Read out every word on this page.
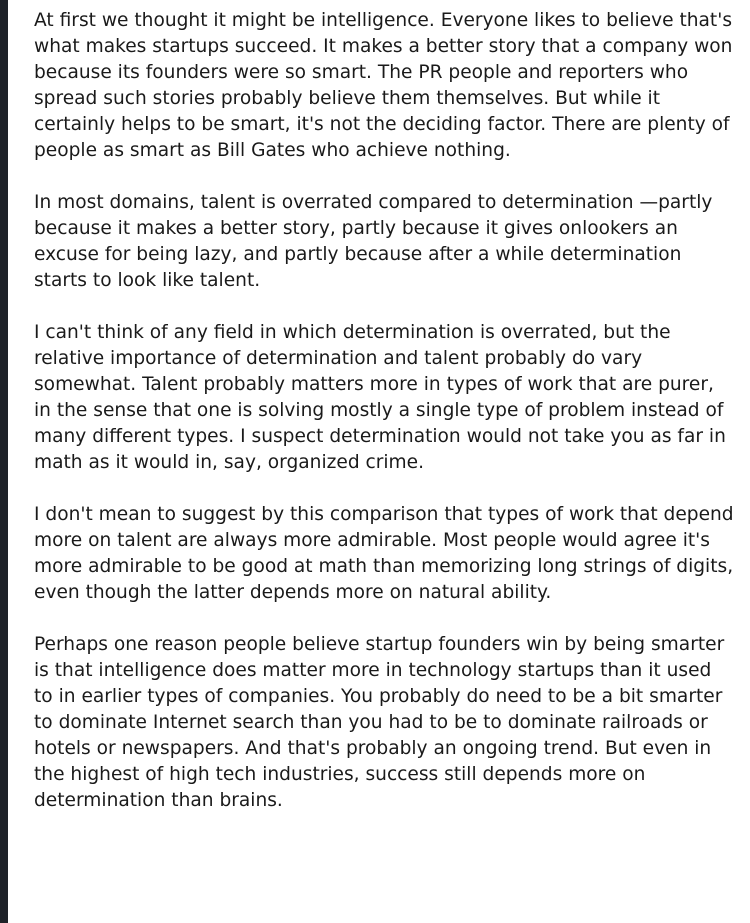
At first we thought it might be intelligence. Everyone likes to believe that's what makes startups succeed. It makes a better story that a company won because its founders were so smart. The PR people and reporters who spread such stories probably believe them themselves. But while it certainly helps to be smart, it's not the deciding factor. There are plenty of people as smart as Bill Gates who achieve nothing.

In most domains, talent is overrated compared to determination —partly because it makes a better story, partly because it gives onlookers an excuse for being lazy, and partly because after a while determination starts to look like talent.

I can't think of any field in which determination is overrated, but the relative importance of determination and talent probably do vary somewhat. Talent probably matters more in types of work that are purer, in the sense that one is solving mostly a single type of problem instead of many different types. I suspect determination would not take you as far in math as it would in, say, organized crime.

I don't mean to suggest by this comparison that types of work that depend more on talent are always more admirable. Most people would agree it's more admirable to be good at math than memorizing long strings of digits, even though the latter depends more on natural ability.

Perhaps one reason people believe startup founders win by being smarter is that intelligence does matter more in technology startups than it used to in earlier types of companies. You probably do need to be a bit smarter to dominate Internet search than you had to be to dominate railroads or hotels or newspapers. And that's probably an ongoing trend. But even in the highest of high tech industries, success still depends more on determination than brains.
